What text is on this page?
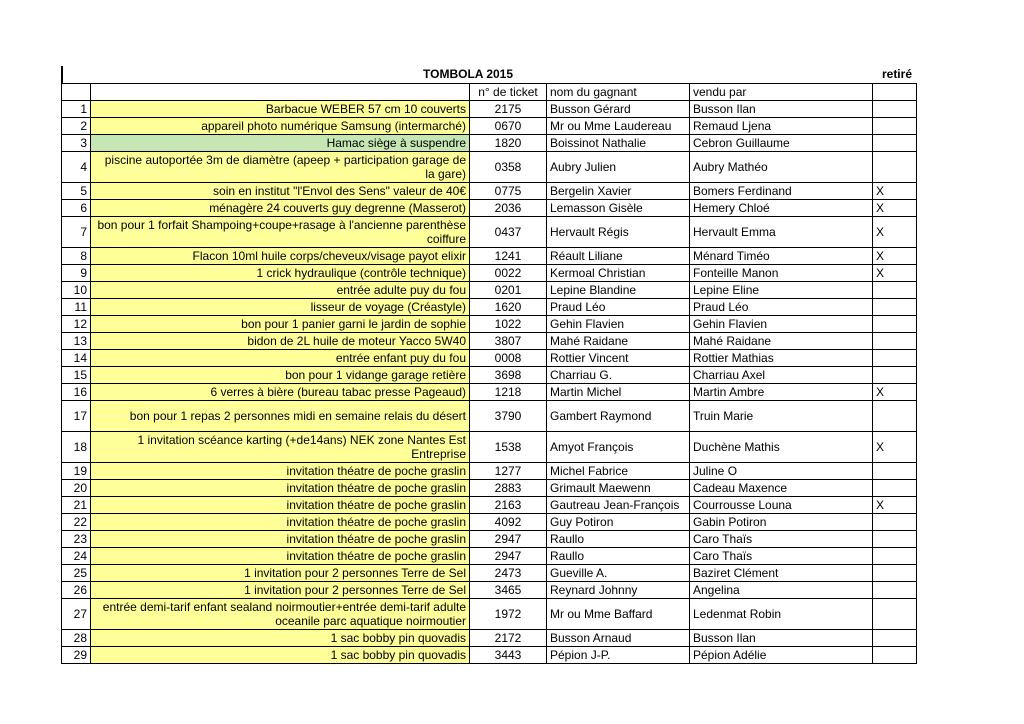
TOMBOLA 2015	retiré
		n° de ticket	nom du gagnant	vendu par	
1	Barbacue WEBER 57 cm 10 couverts	2175	Busson Gérard	Busson Ilan	
2	appareil photo numérique Samsung (intermarché)	0670	Mr ou Mme Laudereau	Remaud Ljena	
3	Hamac siège à suspendre	1820	Boissinot Nathalie	Cebron Guillaume	
4	piscine autoportée 3m de diamètre (apeep + participation garage de la gare)	0358	Aubry Julien	Aubry Mathéo	
5	soin en institut "l'Envol des Sens" valeur de 40€	0775	Bergelin Xavier	Bomers Ferdinand	X
6	ménagère 24 couverts guy degrenne (Masserot)	2036	Lemasson Gisèle	Hemery Chloé	X
7	bon pour 1 forfait Shampoing+coupe+rasage à l'ancienne parenthèse coiffure	0437	Hervault Régis	Hervault Emma	X
8	Flacon 10ml huile corps/cheveux/visage payot elixir	1241	Réault Liliane	Ménard Timéo	X
9	1 crick hydraulique (contrôle technique)	0022	Kermoal Christian	Fonteille Manon	X
10	entrée adulte puy du fou	0201	Lepine Blandine	Lepine Eline	
11	lisseur de voyage (Créastyle)	1620	Praud Léo	Praud Léo	
12	bon pour 1 panier garni le jardin de sophie	1022	Gehin Flavien	Gehin Flavien	
13	bidon de 2L huile de moteur Yacco 5W40	3807	Mahé Raidane	Mahé Raidane	
14	entrée enfant puy du fou	0008	Rottier Vincent	Rottier Mathias	
15	bon pour 1 vidange garage retière	3698	Charriau G.	Charriau Axel	
16	6 verres à bière (bureau tabac presse Pageaud)	1218	Martin Michel	Martin Ambre	X
17	bon pour 1 repas 2 personnes midi en semaine relais du désert	3790	Gambert Raymond	Truin Marie	
18	1 invitation scéance karting (+de14ans) NEK zone Nantes Est Entreprise	1538	Amyot François	Duchène Mathis	X
19	invitation théatre de poche graslin	1277	Michel Fabrice	Juline O	
20	invitation théatre de poche graslin	2883	Grimault Maewenn	Cadeau Maxence	
21	invitation théatre de poche graslin	2163	Gautreau Jean-François	Courrousse Louna	X
22	invitation théatre de poche graslin	4092	Guy Potiron	Gabin Potiron	
23	invitation théatre de poche graslin	2947	Raullo	Caro Thaïs	
24	invitation théatre de poche graslin	2947	Raullo	Caro Thaïs	
25	1 invitation pour 2 personnes Terre de Sel	2473	Gueville A.	Baziret Clément	
26	1 invitation pour 2 personnes Terre de Sel	3465	Reynard Johnny	Angelina	
27	entrée demi-tarif enfant sealand noirmoutier+entrée demi-tarif adulte oceanile parc aquatique noirmoutier	1972	Mr ou Mme Baffard	Ledenmat Robin	
28	1 sac bobby pin quovadis	2172	Busson Arnaud	Busson Ilan	
29	1 sac bobby pin quovadis	3443	Pépion J-P.	Pépion Adélie	
